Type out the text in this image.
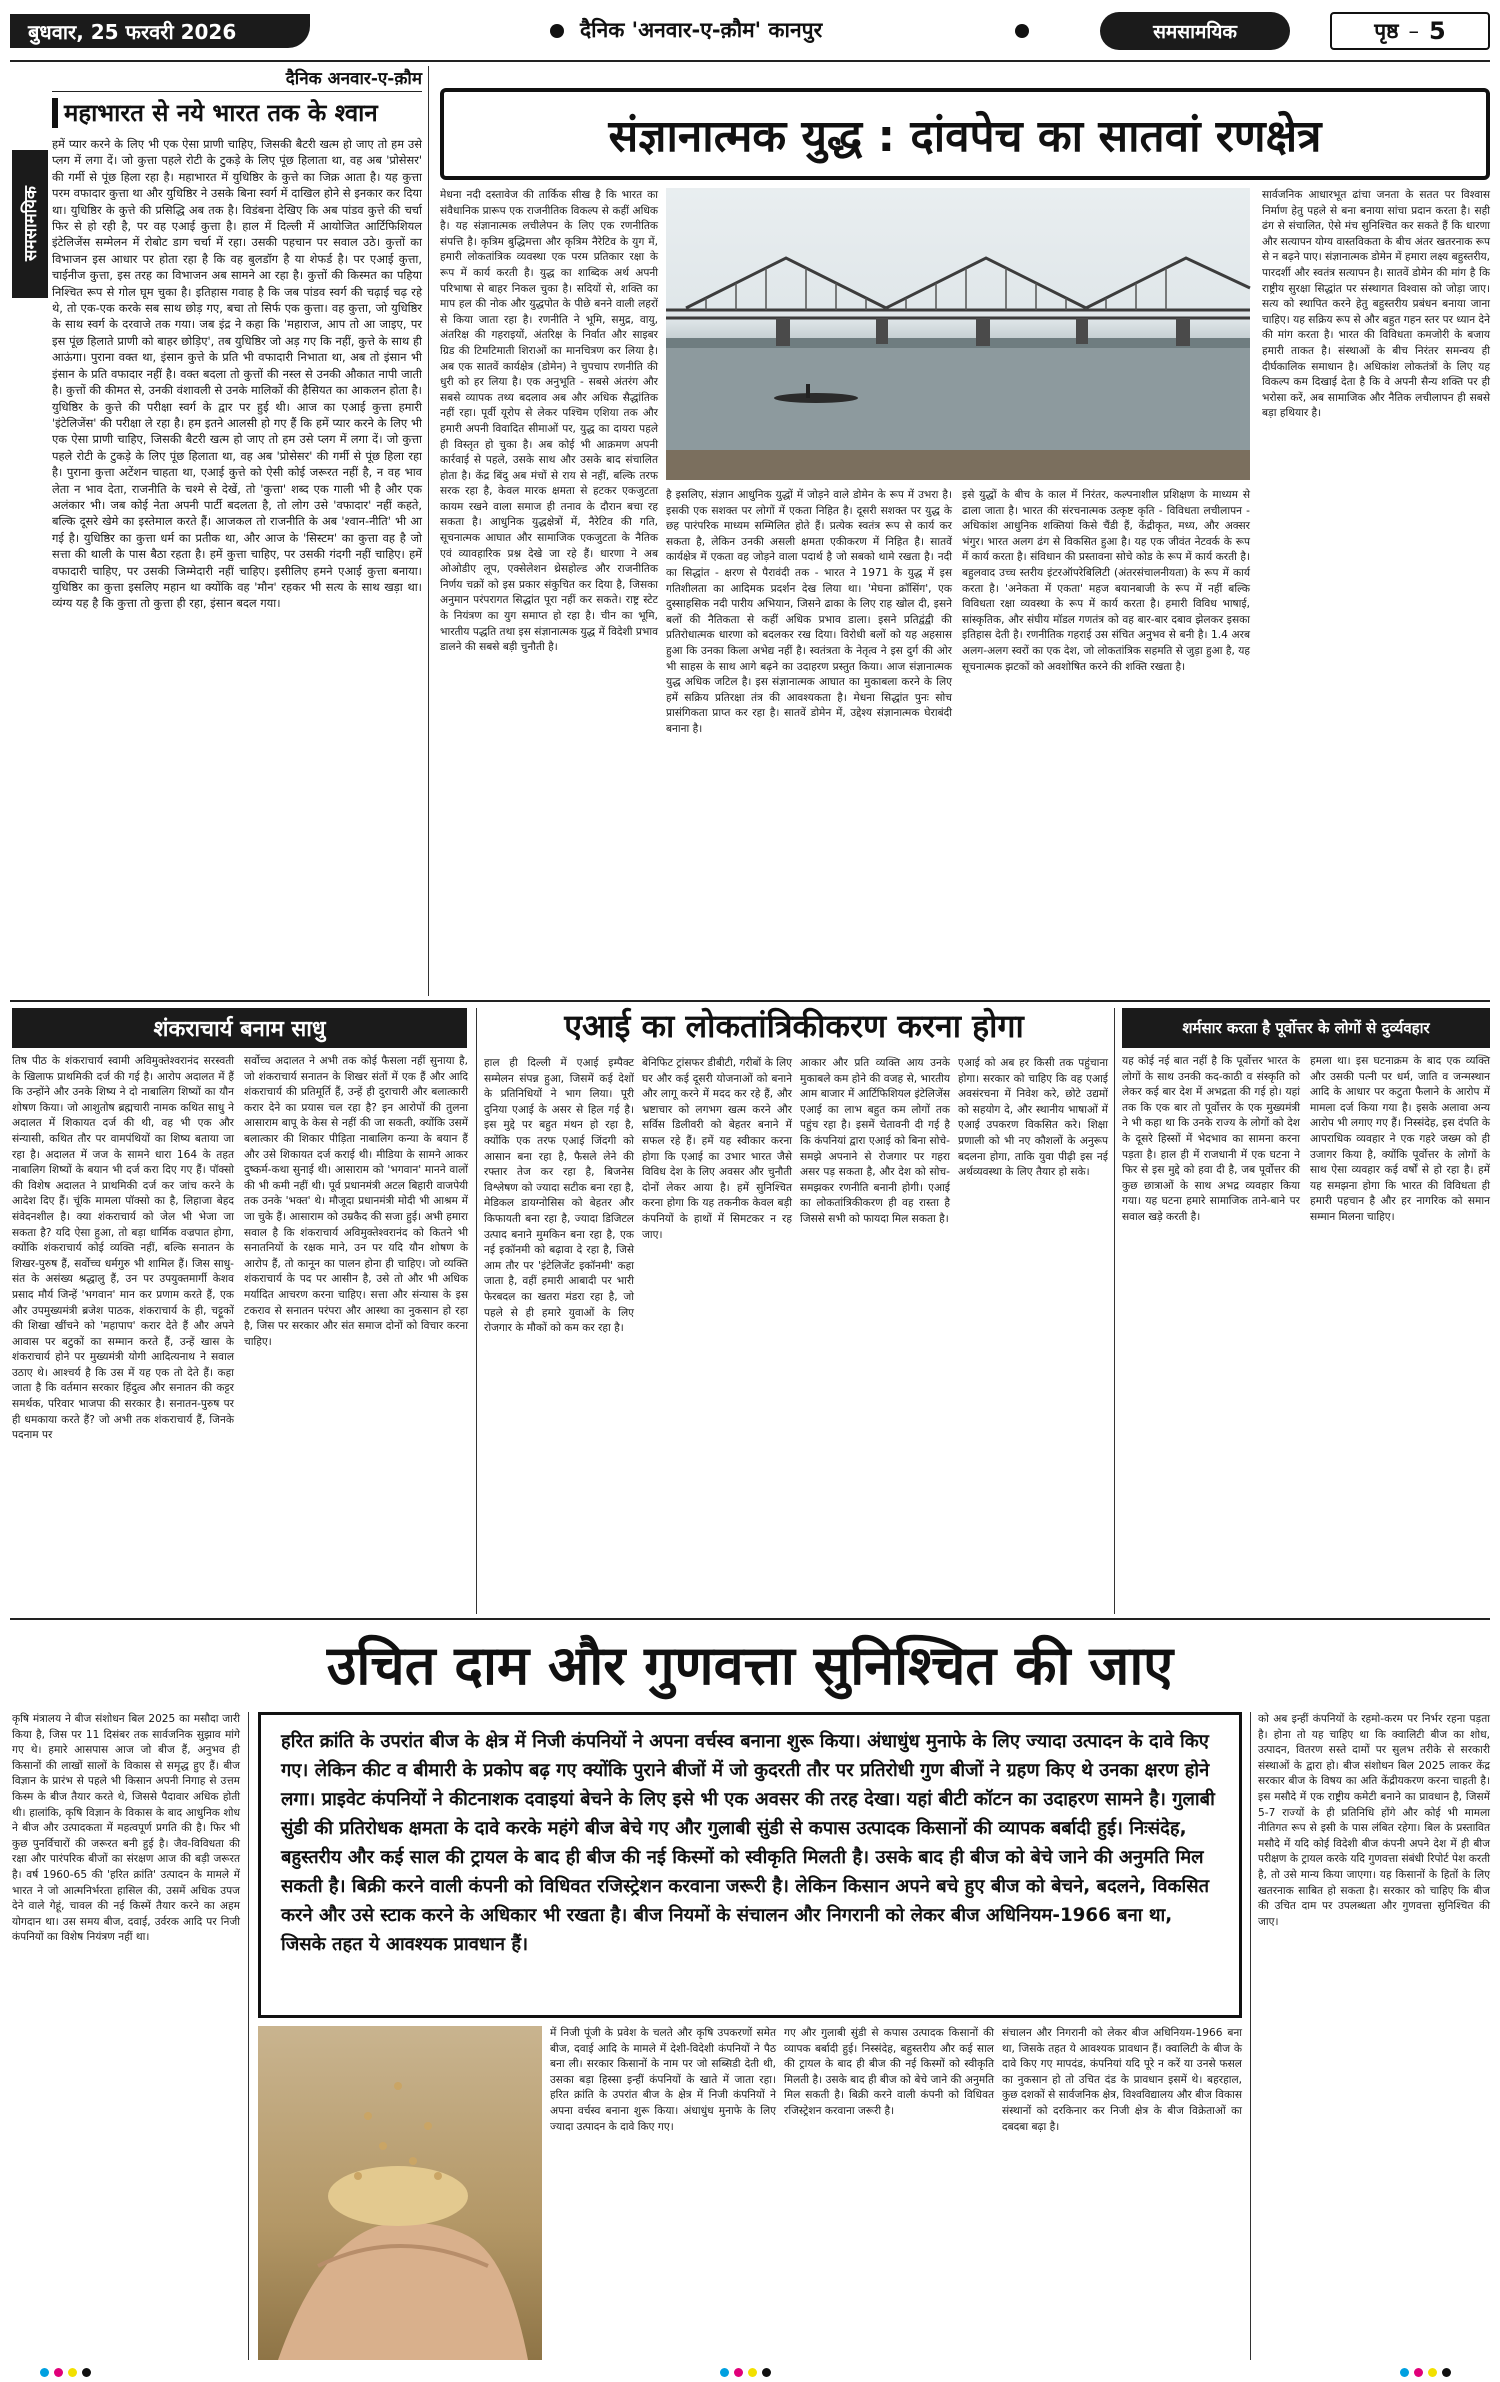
बुधवार, 25 फरवरी 2026	दैनिक 'अनवार-ए-क़ौम' कानपुर	समसामयिक	पृष्ठ – 5
समसामयिक
दैनिक अनवार-ए-क़ौम
महाभारत से नये भारत तक के श्वान
हमें प्यार करने के लिए भी एक ऐसा प्राणी चाहिए, जिसकी बैटरी खत्म हो जाए तो हम उसे प्लग में लगा दें। जो कुत्ता पहले रोटी के टुकड़े के लिए पूंछ हिलाता था, वह अब 'प्रोसेसर' की गर्मी से पूंछ हिला रहा है। महाभारत में युधिष्ठिर के कुत्ते का जिक्र आता है। यह कुत्ता परम वफादार कुत्ता था और युधिष्ठिर ने उसके बिना स्वर्ग में दाखिल होने से इनकार कर दिया था। युधिष्ठिर के कुत्ते की प्रसिद्धि अब तक है। विडंबना देखिए कि अब पांडव कुत्ते की चर्चा फिर से हो रही है, पर वह एआई कुत्ता है। हाल में दिल्ली में आयोजित आर्टिफिशियल इंटेलिजेंस सम्मेलन में रोबोट डाग चर्चा में रहा। उसकी पहचान पर सवाल उठे। कुत्तों का विभाजन इस आधार पर होता रहा है कि वह बुलडॉग है या शेफर्ड है। पर एआई कुत्ता, चाईनीज कुत्ता, इस तरह का विभाजन अब सामने आ रहा है। कुत्तों की किस्मत का पहिया निश्चित रूप से गोल घूम चुका है। इतिहास गवाह है कि जब पांडव स्वर्ग की चढ़ाई चढ़ रहे थे, तो एक-एक करके सब साथ छोड़ गए, बचा तो सिर्फ एक कुत्ता। वह कुत्ता, जो युधिष्ठिर के साथ स्वर्ग के दरवाजे तक गया। जब इंद्र ने कहा कि 'महाराज, आप तो आ जाइए, पर इस पूंछ हिलाते प्राणी को बाहर छोड़िए', तब युधिष्ठिर जो अड़ गए कि नहीं, कुत्ते के साथ ही आऊंगा। पुराना वक्त था, इंसान कुत्ते के प्रति भी वफादारी निभाता था, अब तो इंसान भी इंसान के प्रति वफादार नहीं है। वक्त बदला तो कुत्तों की नस्ल से उनकी औकात नापी जाती है। कुत्तों की कीमत से, उनकी वंशावली से उनके मालिकों की हैसियत का आकलन होता है। युधिष्ठिर के कुत्ते की परीक्षा स्वर्ग के द्वार पर हुई थी। आज का एआई कुत्ता हमारी 'इंटेलिजेंस' की परीक्षा ले रहा है। हम इतने आलसी हो गए हैं कि हमें प्यार करने के लिए भी एक ऐसा प्राणी चाहिए, जिसकी बैटरी खत्म हो जाए तो हम उसे प्लग में लगा दें। जो कुत्ता पहले रोटी के टुकड़े के लिए पूंछ हिलाता था, वह अब 'प्रोसेसर' की गर्मी से पूंछ हिला रहा है। पुराना कुत्ता अटेंशन चाहता था, एआई कुत्ते को ऐसी कोई जरूरत नहीं है, न वह भाव लेता न भाव देता, राजनीति के चश्मे से देखें, तो 'कुत्ता' शब्द एक गाली भी है और एक अलंकार भी। जब कोई नेता अपनी पार्टी बदलता है, तो लोग उसे 'वफादार' नहीं कहते, बल्कि दूसरे खेमे का इस्तेमाल करते हैं। आजकल तो राजनीति के अब 'श्वान-नीति' भी आ गई है। युधिष्ठिर का कुत्ता धर्म का प्रतीक था, और आज के 'सिस्टम' का कुत्ता वह है जो सत्ता की थाली के पास बैठा रहता है। हमें कुत्ता चाहिए, पर उसकी गंदगी नहीं चाहिए। हमें वफादारी चाहिए, पर उसकी जिम्मेदारी नहीं चाहिए। इसीलिए हमने एआई कुत्ता बनाया। युधिष्ठिर का कुत्ता इसलिए महान था क्योंकि वह 'मौन' रहकर भी सत्य के साथ खड़ा था। व्यंग्य यह है कि कुत्ता तो कुत्ता ही रहा, इंसान बदल गया।
संज्ञानात्मक युद्ध : दांवपेच का सातवां रणक्षेत्र
मेधना नदी दस्तावेज की तार्किक सीख है कि भारत का संवैधानिक प्रारूप एक राजनीतिक विकल्प से कहीं अधिक है। यह संज्ञानात्मक लचीलेपन के लिए एक रणनीतिक संपत्ति है। कृत्रिम बुद्धिमत्ता और कृत्रिम नैरेटिव के युग में, हमारी लोकतांत्रिक व्यवस्था एक परम प्रतिकार रक्षा के रूप में कार्य करती है। युद्ध का शाब्दिक अर्थ अपनी परिभाषा से बाहर निकल चुका है। सदियों से, शक्ति का माप हल की नोक और युद्धपोत के पीछे बनने वाली लहरों से किया जाता रहा है। रणनीति ने भूमि, समुद्र, वायु, अंतरिक्ष की गहराइयों, अंतरिक्ष के निर्वात और साइबर ग्रिड की टिमटिमाती शिराओं का मानचित्रण कर लिया है। अब एक सातवें कार्यक्षेत्र (डोमेन) ने चुपचाप रणनीति की धुरी को हर लिया है। एक अनुभूति - सबसे अंतरंग और सबसे व्यापक तथ्य बदलाव अब और अधिक सैद्धांतिक नहीं रहा। पूर्वी यूरोप से लेकर पश्चिम एशिया तक और हमारी अपनी विवादित सीमाओं पर, युद्ध का दायरा पहले ही विस्तृत हो चुका है। अब कोई भी आक्रमण अपनी कार्रवाई से पहले, उसके साथ और उसके बाद संचालित होता है। केंद्र बिंदु अब मंचों से राय से नहीं, बल्कि तरफ सरक रहा है, केवल मारक क्षमता से हटकर एकजुटता कायम रखने वाला समाज ही तनाव के दौरान बचा रह सकता है। आधुनिक युद्धक्षेत्रों में, नैरेटिव की गति, सूचनात्मक आघात और सामाजिक एकजुटता के नैतिक एवं व्यावहारिक प्रश्न देखे जा रहे हैं। धारणा ने अब ओओडीए लूप, एक्सेलेशन थ्रेसहोल्ड और राजनीतिक निर्णय चक्रों को इस प्रकार संकुचित कर दिया है, जिसका अनुमान परंपरागत सिद्धांत पूरा नहीं कर सकते। राष्ट्र स्टेट के नियंत्रण का युग समाप्त हो रहा है। चीन का भूमि, भारतीय पद्धति तथा इस संज्ञानात्मक युद्ध में विदेशी प्रभाव डालने की सबसे बड़ी चुनौती है।
है इसलिए, संज्ञान आधुनिक युद्धों में जोड़ने वाले डोमेन के रूप में उभरा है। इसकी एक सशक्त पर लोगों में एकता निहित है। दूसरी सशक्त पर युद्ध के छह पारंपरिक माध्यम सम्मिलित होते हैं। प्रत्येक स्वतंत्र रूप से कार्य कर सकता है, लेकिन उनकी असली क्षमता एकीकरण में निहित है। सातवें कार्यक्षेत्र में एकता वह जोड़ने वाला पदार्थ है जो सबको थामे रखता है। नदी का सिद्धांत - क्षरण से पैरावंदी तक - भारत ने 1971 के युद्ध में इस गतिशीलता का आदिमक प्रदर्शन देख लिया था। 'मेघना क्रॉसिंग', एक दुस्साहसिक नदी पारीय अभियान, जिसने ढाका के लिए राह खोल दी, इसने बलों की नैतिकता से कहीं अधिक प्रभाव डाला। इसने प्रतिद्वंद्वी की प्रतिरोधात्मक धारणा को बदलकर रख दिया। विरोधी बलों को यह अहसास हुआ कि उनका किला अभेद्य नहीं है। स्वतंत्रता के नेतृत्व ने इस दुर्ग की ओर भी साहस के साथ आगे बढ़ने का उदाहरण प्रस्तुत किया। आज संज्ञानात्मक युद्ध अधिक जटिल है। इस संज्ञानात्मक आघात का मुकाबला करने के लिए हमें सक्रिय प्रतिरक्षा तंत्र की आवश्यकता है। मेधना सिद्धांत पुनः सोच प्रासंगिकता प्राप्त कर रहा है। सातवें डोमेन में, उद्देश्य संज्ञानात्मक घेराबंदी बनाना है।
इसे युद्धों के बीच के काल में निरंतर, कल्पनाशील प्रशिक्षण के माध्यम से ढाला जाता है। भारत की संरचनात्मक उत्कृष्ट कृति - विविधता लचीलापन - अधिकांश आधुनिक शक्तियां किसे चैंडी हैं, केंद्रीकृत, मध्य, और अक्सर भंगुर। भारत अलग ढंग से विकसित हुआ है। यह एक जीवंत नेटवर्क के रूप में कार्य करता है। संविधान की प्रस्तावना सोचे कोड के रूप में कार्य करती है। बहुलवाद उच्च स्तरीय इंटरऑपरेबिलिटी (अंतरसंचालनीयता) के रूप में कार्य करता है। 'अनेकता में एकता' महज बयानबाजी के रूप में नहीं बल्कि विविधता रक्षा व्यवस्था के रूप में कार्य करता है। हमारी विविध भाषाई, सांस्कृतिक, और संघीय मॉडल गणतंत्र को वह बार-बार दबाव झेलकर इसका इतिहास देती है। रणनीतिक गहराई उस संचित अनुभव से बनी है। 1.4 अरब अलग-अलग स्वरों का एक देश, जो लोकतांत्रिक सहमति से जुड़ा हुआ है, यह सूचनात्मक झटकों को अवशोषित करने की शक्ति रखता है।
सार्वजनिक आधारभूत ढांचा जनता के सतत पर विश्वास निर्माण हेतु पहले से बना बनाया सांचा प्रदान करता है। सही ढंग से संचालित, ऐसे मंच सुनिश्चित कर सकते हैं कि धारणा और सत्यापन योग्य वास्तविकता के बीच अंतर खतरनाक रूप से न बढ़ने पाए। संज्ञानात्मक डोमेन में हमारा लक्ष्य बहुस्तरीय, पारदर्शी और स्वतंत्र सत्यापन है। सातवें डोमेन की मांग है कि राष्ट्रीय सुरक्षा सिद्धांत पर संस्थागत विश्वास को जोड़ा जाए। सत्य को स्थापित करने हेतु बहुस्तरीय प्रबंधन बनाया जाना चाहिए। यह सक्रिय रूप से और बहुत गहन स्तर पर ध्यान देने की मांग करता है। भारत की विविधता कमजोरी के बजाय हमारी ताकत है। संस्थाओं के बीच निरंतर समन्वय ही दीर्घकालिक समाधान है। अधिकांश लोकतंत्रों के लिए यह विकल्प कम दिखाई देता है कि वे अपनी सैन्य शक्ति पर ही भरोसा करें, अब सामाजिक और नैतिक लचीलापन ही सबसे बड़ा हथियार है।
शंकराचार्य बनाम साधु
तिष पीठ के शंकराचार्य स्वामी अविमुक्तेश्वरानंद सरस्वती के खिलाफ प्राथमिकी दर्ज की गई है। आरोप अदालत में हैं कि उन्होंने और उनके शिष्य ने दो नाबालिग शिष्यों का यौन शोषण किया। जो आशुतोष ब्रह्मचारी नामक कथित साधु ने अदालत में शिकायत दर्ज की थी, वह भी एक और संन्यासी, कथित तौर पर वामपंथियों का शिष्य बताया जा रहा है। अदालत में जज के सामने धारा 164 के तहत नाबालिग शिष्यों के बयान भी दर्ज करा दिए गए हैं। पॉक्सो की विशेष अदालत ने प्राथमिकी दर्ज कर जांच करने के आदेश दिए हैं। चूंकि मामला पॉक्सो का है, लिहाजा बेहद संवेदनशील है। क्या शंकराचार्य को जेल भी भेजा जा सकता है? यदि ऐसा हुआ, तो बड़ा धार्मिक वज्रपात होगा, क्योंकि शंकराचार्य कोई व्यक्ति नहीं, बल्कि सनातन के शिखर-पुरुष हैं, सर्वोच्च धर्मगुरु भी शामिल हैं। जिस साधु-संत के असंख्य श्रद्धालु हैं, उन पर उपयुक्तमार्गी केशव प्रसाद मौर्य जिन्हें 'भगवान' मान कर प्रणाम करते हैं, एक और उपमुख्यमंत्री ब्रजेश पाठक, शंकराचार्य के ही, चट्टूकों की शिखा खींचने को 'महापाप' करार देते हैं और अपने आवास पर बटुकों का सम्मान करते हैं, उन्हें खास के शंकराचार्य होने पर मुख्यमंत्री योगी आदित्यनाथ ने सवाल उठाए थे। आश्चर्य है कि उस में यह एक तो देते हैं। कहा जाता है कि वर्तमान सरकार हिंदुत्व और सनातन की कट्टर समर्थक, परिवार भाजपा की सरकार है। सनातन-पुरुष पर ही धमकाया करते हैं? जो अभी तक शंकराचार्य हैं, जिनके पदनाम पर
सर्वोच्च अदालत ने अभी तक कोई फैसला नहीं सुनाया है, जो शंकराचार्य सनातन के शिखर संतों में एक हैं और आदि शंकराचार्य की प्रतिमूर्ति हैं, उन्हें ही दुराचारी और बलात्कारी करार देने का प्रयास चल रहा है? इन आरोपों की तुलना आसाराम बापू के केस से नहीं की जा सकती, क्योंकि उसमें बलात्कार की शिकार पीड़िता नाबालिग कन्या के बयान हैं और उसे शिकायत दर्ज कराई थी। मीडिया के सामने आकर दुष्कर्म-कथा सुनाई थी। आसाराम को 'भगवान' मानने वालों की भी कमी नहीं थी। पूर्व प्रधानमंत्री अटल बिहारी वाजपेयी तक उनके 'भक्त' थे। मौजूदा प्रधानमंत्री मोदी भी आश्रम में जा चुके हैं। आसाराम को उम्रकैद की सजा हुई। अभी हमारा सवाल है कि शंकराचार्य अविमुक्तेश्वरानंद को कितने भी सनातनियों के रक्षक माने, उन पर यदि यौन शोषण के आरोप हैं, तो कानून का पालन होना ही चाहिए। जो व्यक्ति शंकराचार्य के पद पर आसीन है, उसे तो और भी अधिक मर्यादित आचरण करना चाहिए। सत्ता और संन्यास के इस टकराव से सनातन परंपरा और आस्था का नुकसान हो रहा है, जिस पर सरकार और संत समाज दोनों को विचार करना चाहिए।
एआई का लोकतांत्रिकीकरण करना होगा
हाल ही दिल्ली में एआई इम्पैक्ट सम्मेलन संपन्न हुआ, जिसमें कई देशों के प्रतिनिधियों ने भाग लिया। पूरी दुनिया एआई के असर से हिल गई है। इस मुद्दे पर बहुत मंथन हो रहा है, क्योंकि एक तरफ एआई जिंदगी को आसान बना रहा है, फैसले लेने की रफ्तार तेज कर रहा है, बिजनेस विश्लेषण को ज्यादा सटीक बना रहा है, मेडिकल डायग्नोसिस को बेहतर और किफायती बना रहा है, ज्यादा डिजिटल उत्पाद बनाने मुमकिन बना रहा है, एक नई इकॉनमी को बढ़ावा दे रहा है, जिसे आम तौर पर 'इंटेलिजेंट इकॉनमी' कहा जाता है, वहीं हमारी आबादी पर भारी फेरबदल का खतरा मंडरा रहा है, जो पहले से ही हमारे युवाओं के लिए रोजगार के मौकों को कम कर रहा है।
बेनिफिट ट्रांसफर डीबीटी, गरीबों के लिए घर और कई दूसरी योजनाओं को बनाने और लागू करने में मदद कर रहे हैं, और भ्रष्टाचार को लगभग खत्म करने और सर्विस डिलीवरी को बेहतर बनाने में सफल रहे हैं। हमें यह स्वीकार करना होगा कि एआई का उभार भारत जैसे विविध देश के लिए अवसर और चुनौती दोनों लेकर आया है। हमें सुनिश्चित करना होगा कि यह तकनीक केवल बड़ी कंपनियों के हाथों में सिमटकर न रह जाए।
आकार और प्रति व्यक्ति आय उनके मुकाबले कम होने की वजह से, भारतीय आम बाजार में आर्टिफिशियल इंटेलिजेंस एआई का लाभ बहुत कम लोगों तक पहुंच रहा है। इसमें चेतावनी दी गई है कि कंपनियां द्वारा एआई को बिना सोचे-समझे अपनाने से रोजगार पर गहरा असर पड़ सकता है, और देश को सोच-समझकर रणनीति बनानी होगी। एआई का लोकतांत्रिकीकरण ही वह रास्ता है जिससे सभी को फायदा मिल सकता है।
एआई को अब हर किसी तक पहुंचाना होगा। सरकार को चाहिए कि वह एआई अवसंरचना में निवेश करे, छोटे उद्यमों को सहयोग दे, और स्थानीय भाषाओं में एआई उपकरण विकसित करे। शिक्षा प्रणाली को भी नए कौशलों के अनुरूप बदलना होगा, ताकि युवा पीढ़ी इस नई अर्थव्यवस्था के लिए तैयार हो सके।
शर्मसार करता है पूर्वोत्तर के लोगों से दुर्व्यवहार
यह कोई नई बात नहीं है कि पूर्वोत्तर भारत के लोगों के साथ उनकी कद-काठी व संस्कृति को लेकर कई बार देश में अभद्रता की गई हो। यहां तक कि एक बार तो पूर्वोत्तर के एक मुख्यमंत्री ने भी कहा था कि उनके राज्य के लोगों को देश के दूसरे हिस्सों में भेदभाव का सामना करना पड़ता है। हाल ही में राजधानी में एक घटना ने फिर से इस मुद्दे को हवा दी है, जब पूर्वोत्तर की कुछ छात्राओं के साथ अभद्र व्यवहार किया गया। यह घटना हमारे सामाजिक ताने-बाने पर सवाल खड़े करती है।
हमला था। इस घटनाक्रम के बाद एक व्यक्ति और उसकी पत्नी पर धर्म, जाति व जन्मस्थान आदि के आधार पर कटुता फैलाने के आरोप में मामला दर्ज किया गया है। इसके अलावा अन्य आरोप भी लगाए गए हैं। निस्संदेह, इस दंपति के आपराधिक व्यवहार ने एक गहरे जख्म को ही उजागर किया है, क्योंकि पूर्वोत्तर के लोगों के साथ ऐसा व्यवहार कई वर्षों से हो रहा है। हमें यह समझना होगा कि भारत की विविधता ही हमारी पहचान है और हर नागरिक को समान सम्मान मिलना चाहिए।
उचित दाम और गुणवत्ता सुनिश्चित की जाए
कृषि मंत्रालय ने बीज संशोधन बिल 2025 का मसौदा जारी किया है, जिस पर 11 दिसंबर तक सार्वजनिक सुझाव मांगे गए थे। हमारे आसपास आज जो बीज हैं, अनुभव ही किसानों की लाखों सालों के विकास से समृद्ध हुए हैं। बीज विज्ञान के प्रारंभ से पहले भी किसान अपनी निगाह से उत्तम किस्म के बीज तैयार करते थे, जिससे पैदावार अधिक होती थी। हालांकि, कृषि विज्ञान के विकास के बाद आधुनिक शोध ने बीज और उत्पादकता में महत्वपूर्ण प्रगति की है। फिर भी कुछ पुनर्विचारों की जरूरत बनी हुई है। जैव-विविधता की रक्षा और पारंपरिक बीजों का संरक्षण आज की बड़ी जरूरत है। वर्ष 1960-65 की 'हरित क्रांति' उत्पादन के मामले में भारत ने जो आत्मनिर्भरता हासिल की, उसमें अधिक उपज देने वाले गेहूं, चावल की नई किस्में तैयार करने का अहम योगदान था। उस समय बीज, दवाई, उर्वरक आदि पर निजी कंपनियों का विशेष नियंत्रण नहीं था।
हरित क्रांति के उपरांत बीज के क्षेत्र में निजी कंपनियों ने अपना वर्चस्व बनाना शुरू किया। अंधाधुंध मुनाफे के लिए ज्यादा उत्पादन के दावे किए गए। लेकिन कीट व बीमारी के प्रकोप बढ़ गए क्योंकि पुराने बीजों में जो कुदरती तौर पर प्रतिरोधी गुण बीजों ने ग्रहण किए थे उनका क्षरण होने लगा। प्राइवेट कंपनियों ने कीटनाशक दवाइयां बेचने के लिए इसे भी एक अवसर की तरह देखा। यहां बीटी कॉटन का उदाहरण सामने है। गुलाबी सुंडी की प्रतिरोधक क्षमता के दावे करके महंगे बीज बेचे गए और गुलाबी सुंडी से कपास उत्पादक किसानों की व्यापक बर्बादी हुई। निःसंदेह, बहुस्तरीय और कई साल की ट्रायल के बाद ही बीज की नई किस्मों को स्वीकृति मिलती है। उसके बाद ही बीज को बेचे जाने की अनुमति मिल सकती है। बिक्री करने वाली कंपनी को विधिवत रजिस्ट्रेशन करवाना जरूरी है। लेकिन किसान अपने बचे हुए बीज को बेचने, बदलने, विकसित करने और उसे स्टाक करने के अधिकार भी रखता है। बीज नियमों के संचालन और निगरानी को लेकर बीज अधिनियम-1966 बना था, जिसके तहत ये आवश्यक प्रावधान हैं।
में निजी पूंजी के प्रवेश के चलते और कृषि उपकरणों समेत बीज, दवाई आदि के मामले में देशी-विदेशी कंपनियों ने पैठ बना ली। सरकार किसानों के नाम पर जो सब्सिडी देती थी, उसका बड़ा हिस्सा इन्हीं कंपनियों के खाते में जाता रहा। हरित क्रांति के उपरांत बीज के क्षेत्र में निजी कंपनियों ने अपना वर्चस्व बनाना शुरू किया। अंधाधुंध मुनाफे के लिए ज्यादा उत्पादन के दावे किए गए।
गए और गुलाबी सुंडी से कपास उत्पादक किसानों की व्यापक बर्बादी हुई। निस्संदेह, बहुस्तरीय और कई साल की ट्रायल के बाद ही बीज की नई किस्मों को स्वीकृति मिलती है। उसके बाद ही बीज को बेचे जाने की अनुमति मिल सकती है। बिक्री करने वाली कंपनी को विधिवत रजिस्ट्रेशन करवाना जरूरी है।
संचालन और निगरानी को लेकर बीज अधिनियम-1966 बना था, जिसके तहत ये आवश्यक प्रावधान हैं। क्वालिटी के बीज के दावे किए गए मापदंड, कंपनियां यदि पूरे न करें या उनसे फसल का नुकसान हो तो उचित दंड के प्रावधान इसमें थे। बहरहाल, कुछ दशकों से सार्वजनिक क्षेत्र, विश्वविद्यालय और बीज विकास संस्थानों को दरकिनार कर निजी क्षेत्र के बीज विक्रेताओं का दबदबा बढ़ा है।
को अब इन्हीं कंपनियों के रहमो-करम पर निर्भर रहना पड़ता है। होना तो यह चाहिए था कि क्वालिटी बीज का शोध, उत्पादन, वितरण सस्ते दामों पर सुलभ तरीके से सरकारी संस्थाओं के द्वारा हो। बीज संशोधन बिल 2025 लाकर केंद्र सरकार बीज के विषय का अति केंद्रीयकरण करना चाहती है। इस मसौदे में एक राष्ट्रीय कमेटी बनाने का प्रावधान है, जिसमें 5-7 राज्यों के ही प्रतिनिधि होंगे और कोई भी मामला नीतिगत रूप से इसी के पास लंबित रहेगा। बिल के प्रस्तावित मसौदे में यदि कोई विदेशी बीज कंपनी अपने देश में ही बीज परीक्षण के ट्रायल करके यदि गुणवत्ता संबंधी रिपोर्ट पेश करती है, तो उसे मान्य किया जाएगा। यह किसानों के हितों के लिए खतरनाक साबित हो सकता है। सरकार को चाहिए कि बीज की उचित दाम पर उपलब्धता और गुणवत्ता सुनिश्चित की जाए।
